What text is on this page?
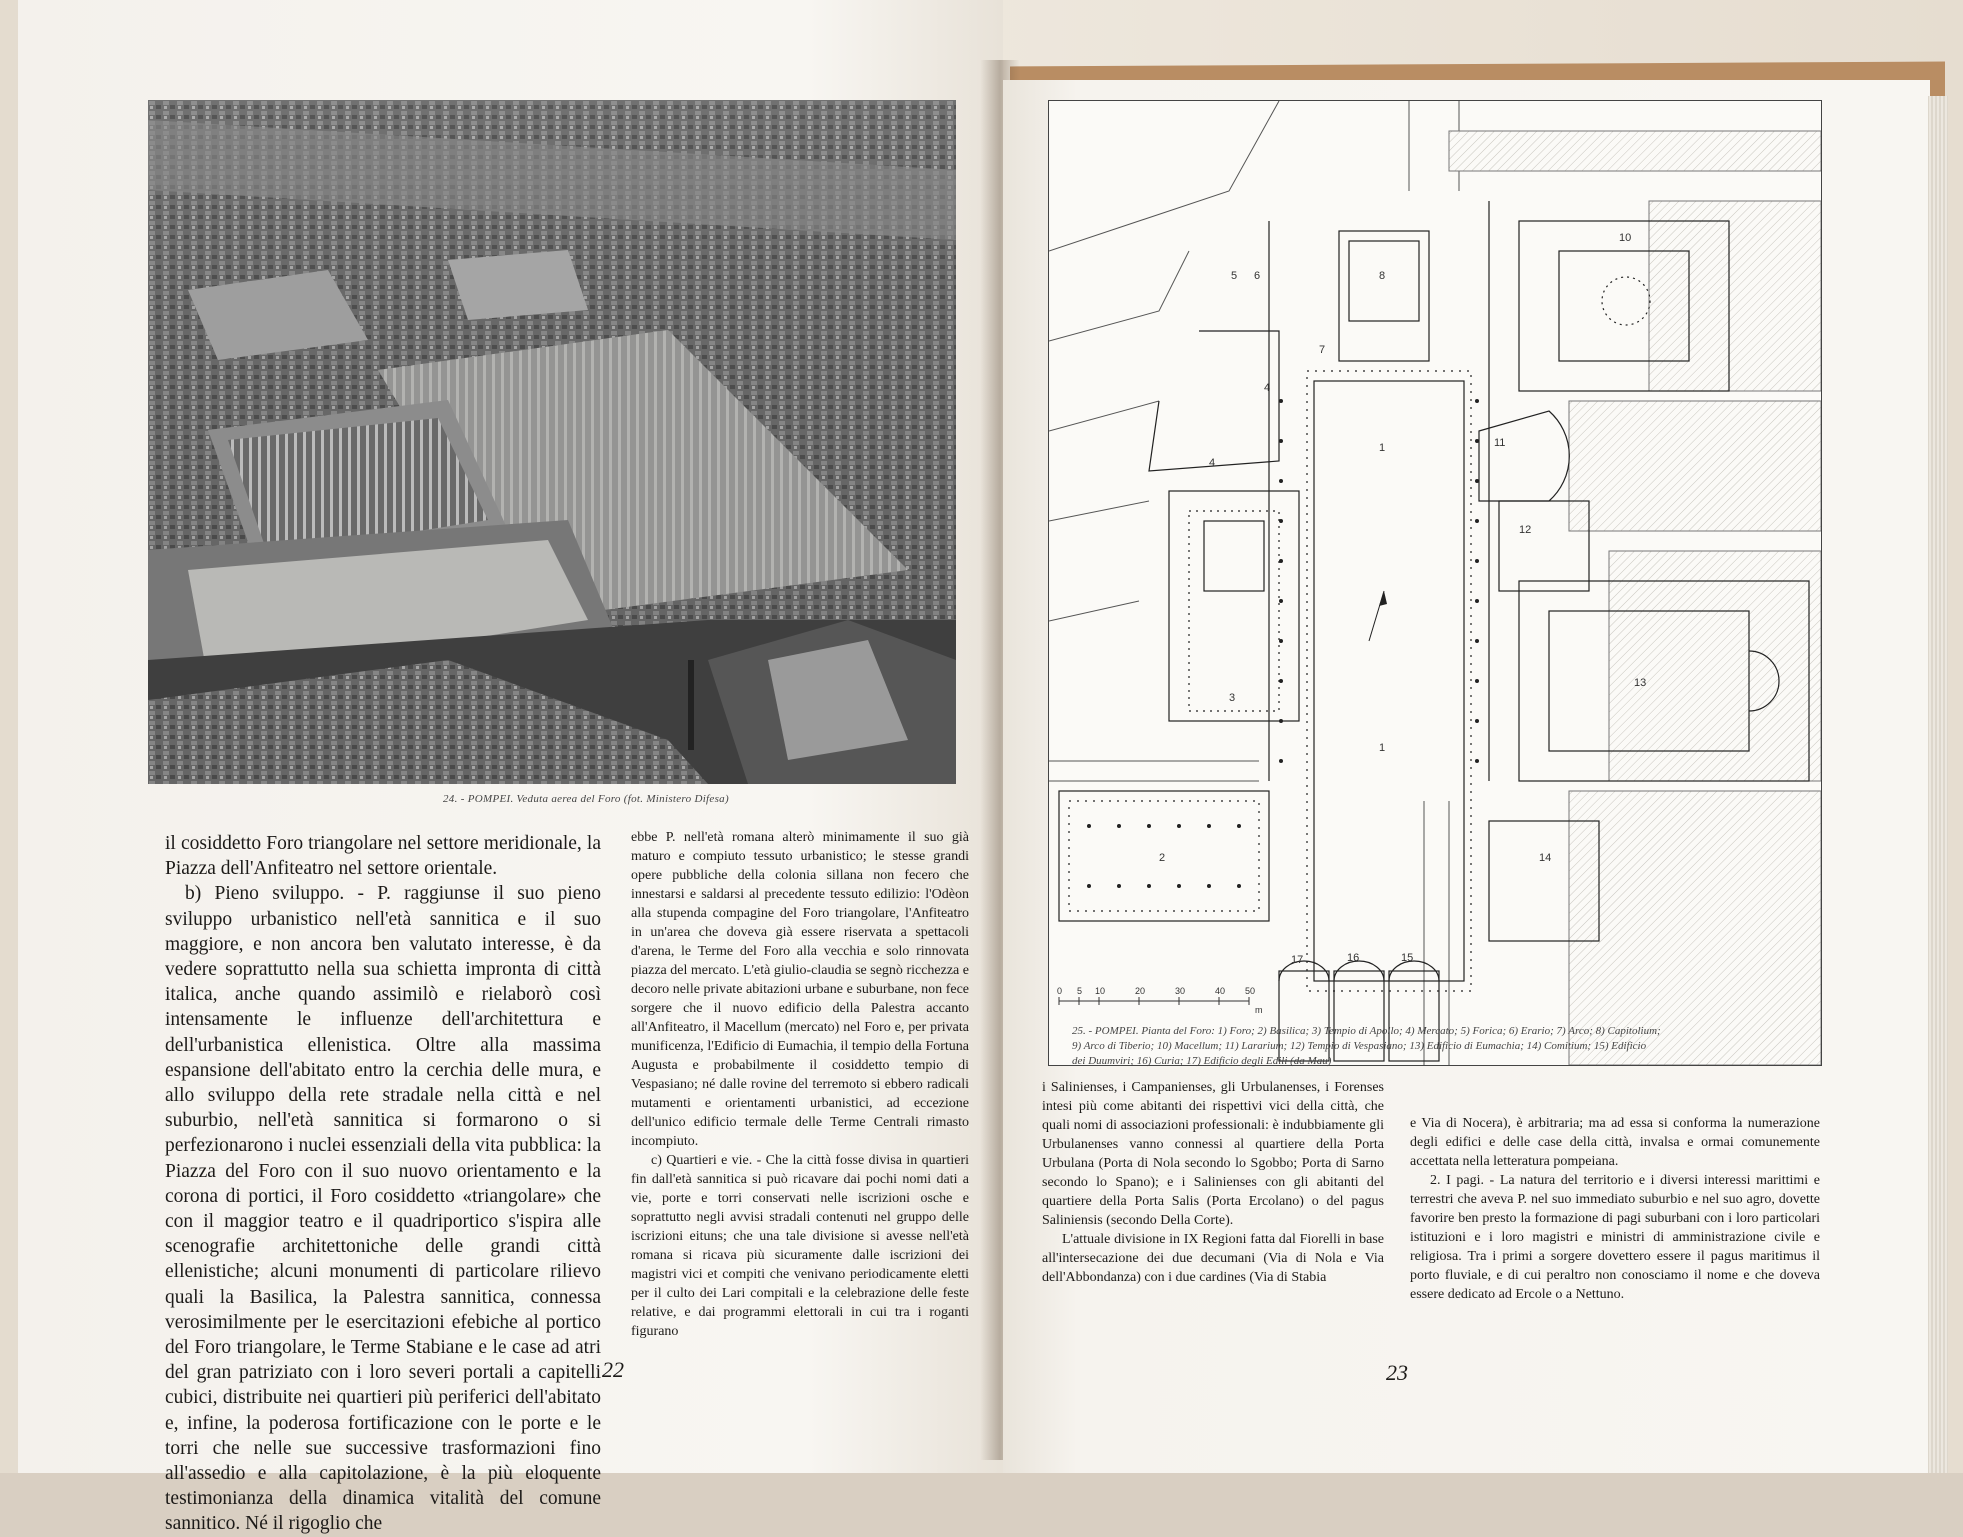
24. - POMPEI. Veduta aerea del Foro (fot. Ministero Difesa)

il cosiddetto Foro triangolare nel settore meridionale, la Piazza dell'Anfiteatro nel settore orientale.

b) Pieno sviluppo. - P. raggiunse il suo pieno sviluppo urbanistico nell'età sannitica e il suo maggiore, e non ancora ben valutato interesse, è da vedere soprattutto nella sua schietta impronta di città italica, anche quando assimilò e rielaborò così intensamente le influenze dell'architettura e dell'urbanistica ellenistica. Oltre alla massima espansione dell'abitato entro la cerchia delle mura, e allo sviluppo della rete stradale nella città e nel suburbio, nell'età sannitica si formarono o si perfezionarono i nuclei essenziali della vita pubblica: la Piazza del Foro con il suo nuovo orientamento e la corona di portici, il Foro cosiddetto «triangolare» che con il maggior teatro e il quadriportico s'ispira alle scenografie architettoniche delle grandi città ellenistiche; alcuni monumenti di particolare rilievo quali la Basilica, la Palestra sannitica, connessa verosimilmente per le esercitazioni efebiche al portico del Foro triangolare, le Terme Stabiane e le case ad atri del gran patriziato con i loro severi portali a capitelli cubici, distribuite nei quartieri più periferici dell'abitato e, infine, la poderosa fortificazione con le porte e le torri che nelle sue successive trasformazioni fino all'assedio e alla capitolazione, è la più eloquente testimonianza della dinamica vitalità del comune sannitico. Né il rigoglio che

ebbe P. nell'età romana alterò minimamente il suo già maturo e compiuto tessuto urbanistico; le stesse grandi opere pubbliche della colonia sillana non fecero che innestarsi e saldarsi al precedente tessuto edilizio: l'Odèon alla stupenda compagine del Foro triangolare, l'Anfiteatro in un'area che doveva già essere riservata a spettacoli d'arena, le Terme del Foro alla vecchia e solo rinnovata piazza del mercato. L'età giulio-claudia se segnò ricchezza e decoro nelle private abitazioni urbane e suburbane, non fece sorgere che il nuovo edificio della Palestra accanto all'Anfiteatro, il Macellum (mercato) nel Foro e, per privata munificenza, l'Edificio di Eumachia, il tempio della Fortuna Augusta e probabilmente il cosiddetto tempio di Vespasiano; né dalle rovine del terremoto si ebbero radicali mutamenti e orientamenti urbanistici, ad eccezione dell'unico edificio termale delle Terme Centrali rimasto incompiuto.

c) Quartieri e vie. - Che la città fosse divisa in quartieri fin dall'età sannitica si può ricavare dai pochi nomi dati a vie, porte e torri conservati nelle iscrizioni osche e soprattutto negli avvisi stradali contenuti nel gruppo delle iscrizioni eituns; che una tale divisione si avesse nell'età romana si ricava più sicuramente dalle iscrizioni dei magistri vici et compiti che venivano periodicamente eletti per il culto dei Lari compitali e la celebrazione delle feste relative, e dai programmi elettorali in cui tra i roganti figurano

22
0 5 10	20	30	40 50
m
1
1
2
3
4
4
5 6
7
8
10
11
12
13
14
15
16
17
25. - POMPEI. Pianta del Foro: 1) Foro; 2) Basilica; 3) Tempio di Apollo; 4) Mercato; 5) Forica; 6) Erario; 7) Arco; 8) Capitolium;
9) Arco di Tiberio; 10) Macellum; 11) Lararium; 12) Tempio di Vespasiano; 13) Edificio di Eumachia; 14) Comitium; 15) Edificio
dei Duumviri; 16) Curia; 17) Edificio degli Edili (da Mau)

i Salinienses, i Campanienses, gli Urbulanenses, i Forenses intesi più come abitanti dei rispettivi vici della città, che quali nomi di associazioni professionali: è indubbiamente gli Urbulanenses vanno connessi al quartiere della Porta Urbulana (Porta di Nola secondo lo Sgobbo; Porta di Sarno secondo lo Spano); e i Salinienses con gli abitanti del quartiere della Porta Salis (Porta Ercolano) o del pagus Saliniensis (secondo Della Corte).

L'attuale divisione in IX Regioni fatta dal Fiorelli in base all'intersecazione dei due decumani (Via di Nola e Via dell'Abbondanza) con i due cardines (Via di Stabia

e Via di Nocera), è arbitraria; ma ad essa si conforma la numerazione degli edifici e delle case della città, invalsa e ormai comunemente accettata nella letteratura pompeiana.

2. I pagi. - La natura del territorio e i diversi interessi marittimi e terrestri che aveva P. nel suo immediato suburbio e nel suo agro, dovette favorire ben presto la formazione di pagi suburbani con i loro particolari istituzioni e i loro magistri e ministri di amministrazione civile e religiosa. Tra i primi a sorgere dovettero essere il pagus maritimus il porto fluviale, e di cui peraltro non conosciamo il nome e che doveva essere dedicato ad Ercole o a Nettuno.

23
